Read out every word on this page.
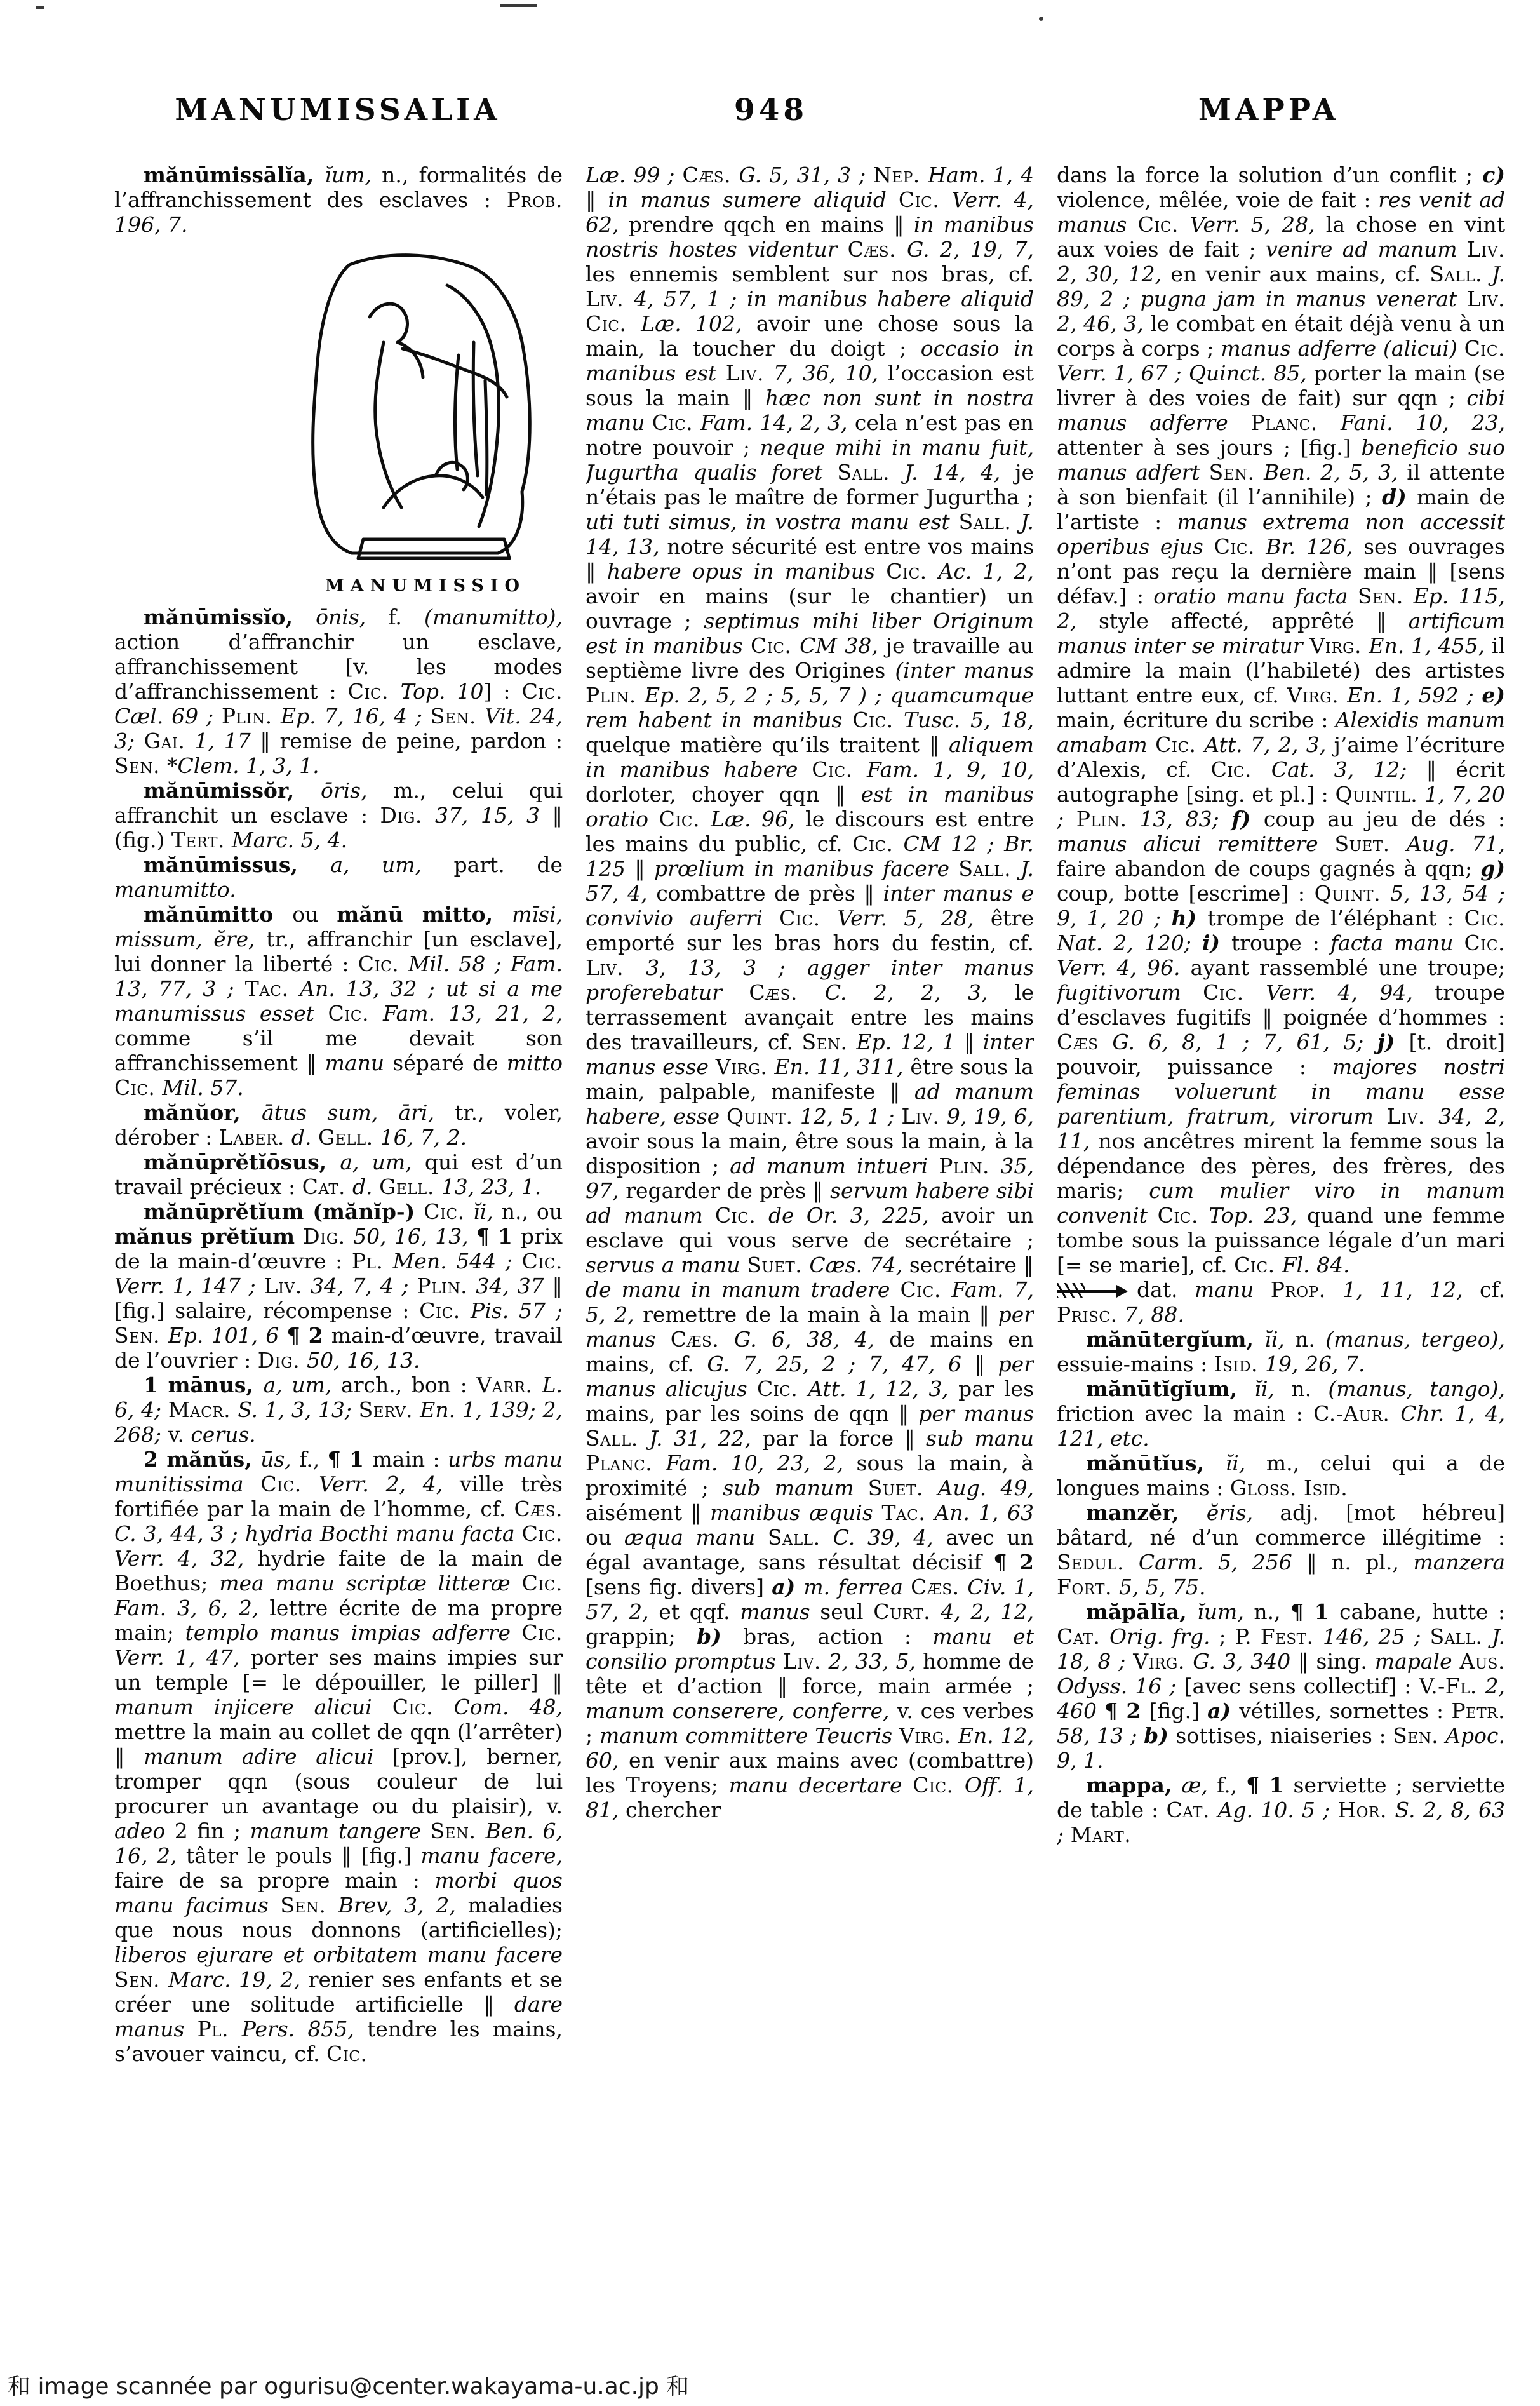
MANUMISSALIA	948	MAPPA

mănūmissālĭa, ĭum, n., formalités de l’affranchissement des esclaves : Prob. 196, 7.

MANUMISSIO
mănūmissĭo, ōnis, f. (manumitto), action d’affranchir un esclave, affranchissement [v. les modes d’affranchissement : Cic. Top. 10] : Cic. Cæl. 69 ; Plin. Ep. 7, 16, 4 ; Sen. Vit. 24, 3; Gai. 1, 17 ‖ remise de peine, pardon : Sen. *Clem. 1, 3, 1.

mănūmissŏr, ōris, m., celui qui affranchit un esclave : Dig. 37, 15, 3 ‖ (fig.) Tert. Marc. 5, 4.

mănūmissus, a, um, part. de manumitto.

mănūmitto ou mănū mitto, mīsi, missum, ĕre, tr., affranchir [un esclave], lui donner la liberté : Cic. Mil. 58 ; Fam. 13, 77, 3 ; Tac. An. 13, 32 ; ut si a me manumissus esset Cic. Fam. 13, 21, 2, comme s’il me devait son affranchissement ‖ manu séparé de mitto Cic. Mil. 57.

mănŭor, ātus sum, āri, tr., voler, dérober : Laber. d. Gell. 16, 7, 2.

mănūprĕtĭōsus, a, um, qui est d’un travail précieux : Cat. d. Gell. 13, 23, 1.

mănūprĕtĭum (mănĭp-) Cic. ĭi, n., ou mănus prĕtĭum Dig. 50, 16, 13, ¶ 1 prix de la main-d’œuvre : Pl. Men. 544 ; Cic. Verr. 1, 147 ; Liv. 34, 7, 4 ; Plin. 34, 37 ‖ [fig.] salaire, récompense : Cic. Pis. 57 ; Sen. Ep. 101, 6 ¶ 2 main-d’œuvre, travail de l’ouvrier : Dig. 50, 16, 13.

1 mānus, a, um, arch., bon : Varr. L. 6, 4; Macr. S. 1, 3, 13; Serv. En. 1, 139; 2, 268; v. cerus.

2 mănŭs, ūs, f., ¶ 1 main : urbs manu munitissima Cic. Verr. 2, 4, ville très fortifiée par la main de l’homme, cf. Cæs. C. 3, 44, 3 ; hydria Bocthi manu facta Cic. Verr. 4, 32, hydrie faite de la main de Boethus; mea manu scriptæ litteræ Cic. Fam. 3, 6, 2, lettre écrite de ma propre main; templo manus impias adferre Cic. Verr. 1, 47, porter ses mains impies sur un temple [= le dépouiller, le piller] ‖ manum injicere alicui Cic. Com. 48, mettre la main au collet de qqn (l’arrêter) ‖ manum adire alicui [prov.], berner, tromper qqn (sous couleur de lui procurer un avantage ou du plaisir), v. adeo 2 fin ; manum tangere Sen. Ben. 6, 16, 2, tâter le pouls ‖ [fig.] manu facere, faire de sa propre main : morbi quos manu facimus Sen. Brev, 3, 2, maladies que nous nous donnons (artificielles); liberos ejurare et orbitatem manu facere Sen. Marc. 19, 2, renier ses enfants et se créer une solitude artificielle ‖ dare manus Pl. Pers. 855, tendre les mains, s’avouer vaincu, cf. Cic.

Læ. 99 ; Cæs. G. 5, 31, 3 ; Nep. Ham. 1, 4 ‖ in manus sumere aliquid Cic. Verr. 4, 62, prendre qqch en mains ‖ in manibus nostris hostes videntur Cæs. G. 2, 19, 7, les ennemis semblent sur nos bras, cf. Liv. 4, 57, 1 ; in manibus habere aliquid Cic. Læ. 102, avoir une chose sous la main, la toucher du doigt ; occasio in manibus est Liv. 7, 36, 10, l’occasion est sous la main ‖ hæc non sunt in nostra manu Cic. Fam. 14, 2, 3, cela n’est pas en notre pouvoir ; neque mihi in manu fuit, Jugurtha qualis foret Sall. J. 14, 4, je n’étais pas le maître de former Jugurtha ; uti tuti simus, in vostra manu est Sall. J. 14, 13, notre sécurité est entre vos mains ‖ habere opus in manibus Cic. Ac. 1, 2, avoir en mains (sur le chantier) un ouvrage ; septimus mihi liber Originum est in manibus Cic. CM 38, je travaille au septième livre des Origines (inter manus Plin. Ep. 2, 5, 2 ; 5, 5, 7 ) ; quamcumque rem habent in manibus Cic. Tusc. 5, 18, quelque matière qu’ils traitent ‖ aliquem in manibus habere Cic. Fam. 1, 9, 10, dorloter, choyer qqn ‖ est in manibus oratio Cic. Læ. 96, le discours est entre les mains du public, cf. Cic. CM 12 ; Br. 125 ‖ prœlium in manibus facere Sall. J. 57, 4, combattre de près ‖ inter manus e convivio auferri Cic. Verr. 5, 28, être emporté sur les bras hors du festin, cf. Liv. 3, 13, 3 ; agger inter manus proferebatur Cæs. C. 2, 2, 3, le terrassement avançait entre les mains des travailleurs, cf. Sen. Ep. 12, 1 ‖ inter manus esse Virg. En. 11, 311, être sous la main, palpable, manifeste ‖ ad manum habere, esse Quint. 12, 5, 1 ; Liv. 9, 19, 6, avoir sous la main, être sous la main, à la disposition ; ad manum intueri Plin. 35, 97, regarder de près ‖ servum habere sibi ad manum Cic. de Or. 3, 225, avoir un esclave qui vous serve de secrétaire ; servus a manu Suet. Cæs. 74, secrétaire ‖ de manu in manum tradere Cic. Fam. 7, 5, 2, remettre de la main à la main ‖ per manus Cæs. G. 6, 38, 4, de mains en mains, cf. G. 7, 25, 2 ; 7, 47, 6 ‖ per manus alicujus Cic. Att. 1, 12, 3, par les mains, par les soins de qqn ‖ per manus Sall. J. 31, 22, par la force ‖ sub manu Planc. Fam. 10, 23, 2, sous la main, à proximité ; sub manum Suet. Aug. 49, aisément ‖ manibus æquis Tac. An. 1, 63 ou æqua manu Sall. C. 39, 4, avec un égal avantage, sans résultat décisif ¶ 2 [sens fig. divers] a) m. ferrea Cæs. Civ. 1, 57, 2, et qqf. manus seul Curt. 4, 2, 12, grappin; b) bras, action : manu et consilio promptus Liv. 2, 33, 5, homme de tête et d’action ‖ force, main armée ; manum conserere, conferre, v. ces verbes ; manum committere Teucris Virg. En. 12, 60, en venir aux mains avec (combattre) les Troyens; manu decertare Cic. Off. 1, 81, chercher

dans la force la solution d’un conflit ; c) violence, mêlée, voie de fait : res venit ad manus Cic. Verr. 5, 28, la chose en vint aux voies de fait ; venire ad manum Liv. 2, 30, 12, en venir aux mains, cf. Sall. J. 89, 2 ; pugna jam in manus venerat Liv. 2, 46, 3, le combat en était déjà venu à un corps à corps ; manus adferre (alicui) Cic. Verr. 1, 67 ; Quinct. 85, porter la main (se livrer à des voies de fait) sur qqn ; cibi manus adferre Planc. Fani. 10, 23, attenter à ses jours ; [fig.] beneficio suo manus adfert Sen. Ben. 2, 5, 3, il attente à son bienfait (il l’annihile) ; d) main de l’artiste : manus extrema non accessit operibus ejus Cic. Br. 126, ses ouvrages n’ont pas reçu la dernière main ‖ [sens défav.] : oratio manu facta Sen. Ep. 115, 2, style affecté, apprêté ‖ artificum manus inter se miratur Virg. En. 1, 455, il admire la main (l’habileté) des artistes luttant entre eux, cf. Virg. En. 1, 592 ; e) main, écriture du scribe : Alexidis manum amabam Cic. Att. 7, 2, 3, j’aime l’écriture d’Alexis, cf. Cic. Cat. 3, 12; ‖ écrit autographe [sing. et pl.] : Quintil. 1, 7, 20 ; Plin. 13, 83; f) coup au jeu de dés : manus alicui remittere Suet. Aug. 71, faire abandon de coups gagnés à qqn; g) coup, botte [escrime] : Quint. 5, 13, 54 ; 9, 1, 20 ; h) trompe de l’éléphant : Cic. Nat. 2, 120; i) troupe : facta manu Cic. Verr. 4, 96. ayant rassemblé une troupe; fugitivorum Cic. Verr. 4, 94, troupe d’esclaves fugitifs ‖ poignée d’hommes : Cæs G. 6, 8, 1 ; 7, 61, 5; j) [t. droit] pouvoir, puissance : majores nostri feminas voluerunt in manu esse parentium, fratrum, virorum Liv. 34, 2, 11, nos ancêtres mirent la femme sous la dépendance des pères, des frères, des maris; cum mulier viro in manum convenit Cic. Top. 23, quand une femme tombe sous la puissance légale d’un mari [= se marie], cf. Cic. Fl. 84.

dat. manu Prop. 1, 11, 12, cf. Prisc. 7, 88.

mănūtergĭum, ĭi, n. (manus, tergeo), essuie-mains : Isid. 19, 26, 7.

mănūtĭgĭum, ĭi, n. (manus, tango), friction avec la main : C.-Aur. Chr. 1, 4, 121, etc.

mănūtĭus, ĭi, m., celui qui a de longues mains : Gloss. Isid.

manzĕr, ĕris, adj. [mot hébreu] bâtard, né d’un commerce illégitime : Sedul. Carm. 5, 256 ‖ n. pl., manzera Fort. 5, 5, 75.

măpālĭa, ĭum, n., ¶ 1 cabane, hutte : Cat. Orig. frg. ; P. Fest. 146, 25 ; Sall. J. 18, 8 ; Virg. G. 3, 340 ‖ sing. mapale Aus. Odyss. 16 ; [avec sens collectif] : V.-Fl. 2, 460 ¶ 2 [fig.] a) vétilles, sornettes : Petr. 58, 13 ; b) sottises, niaiseries : Sen. Apoc. 9, 1.

mappa, æ, f., ¶ 1 serviette ; serviette de table : Cat. Ag. 10. 5 ; Hor. S. 2, 8, 63 ; Mart.

和 image scannée par ogurisu@center.wakayama-u.ac.jp 和
